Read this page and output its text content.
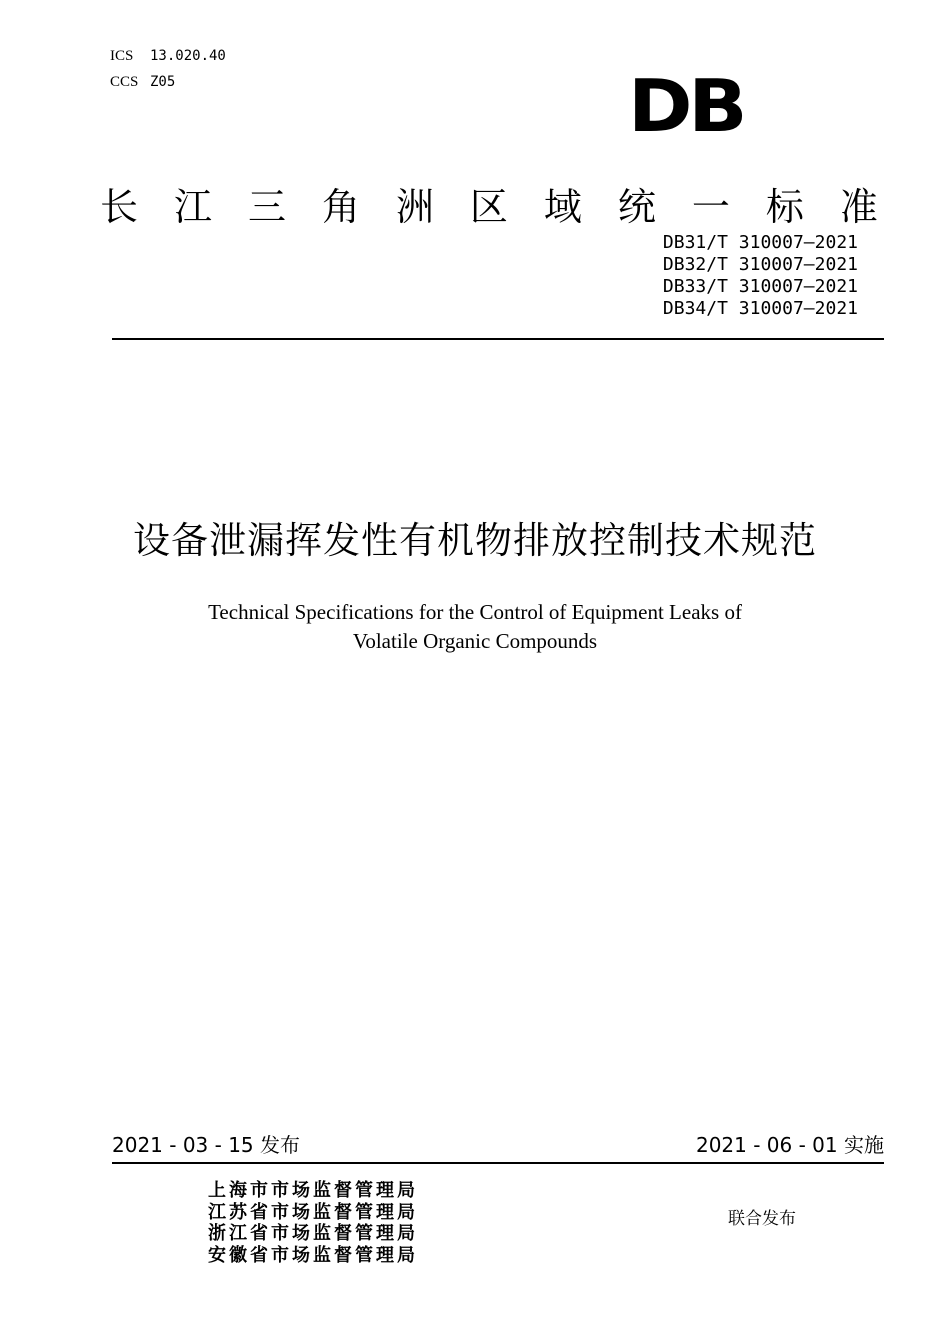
ICS 13.020.40
CCS Z05	DB
长 江 三 角 洲 区 域 统 一 标 准
DB31/T 310007—2021
DB32/T 310007—2021
DB33/T 310007—2021
DB34/T 310007—2021
设备泄漏挥发性有机物排放控制技术规范
Technical Specifications for the Control of Equipment Leaks of
Volatile Organic Compounds
2021 - 03 - 15 发布	2021 - 06 - 01 实施
上海市市场监督管理局
江苏省市场监督管理局
浙江省市场监督管理局
安徽省市场监督管理局
联合发布
